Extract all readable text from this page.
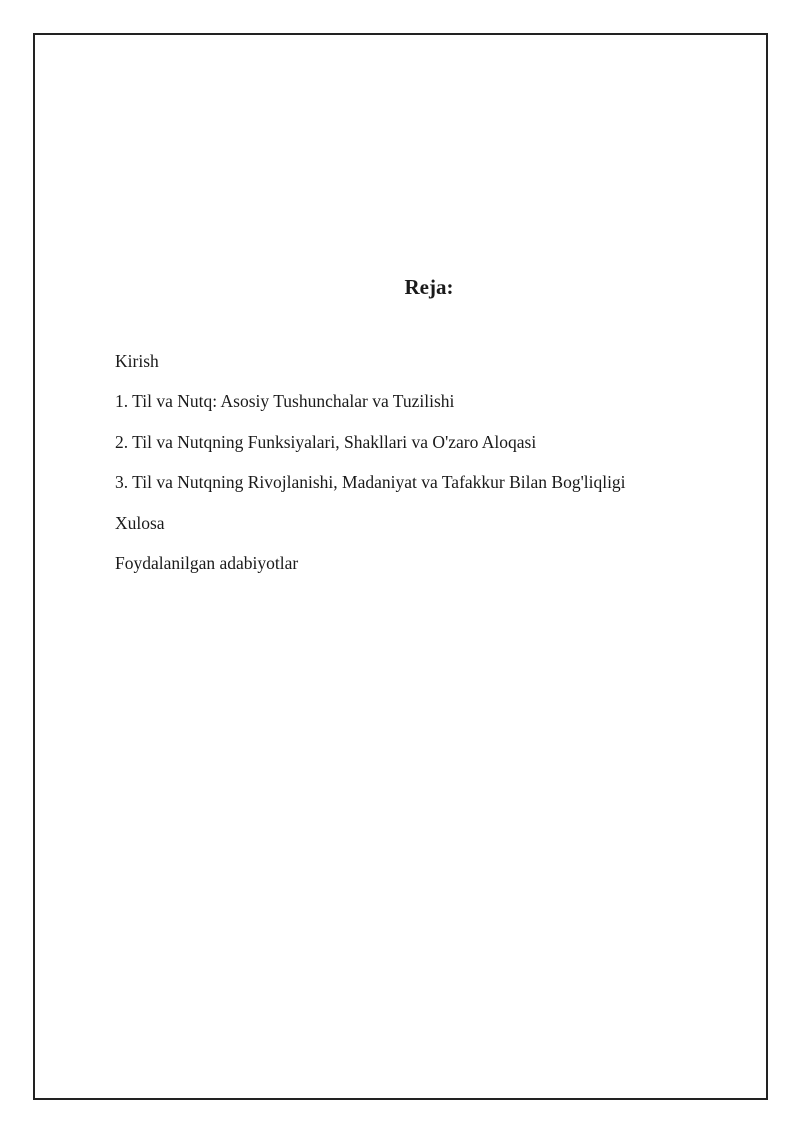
Reja:
Kirish
1. Til va Nutq: Asosiy Tushunchalar va Tuzilishi
2. Til va Nutqning Funksiyalari, Shakllari va O'zaro Aloqasi
3. Til va Nutqning Rivojlanishi, Madaniyat va Tafakkur Bilan Bog'liqligi
Xulosa
Foydalanilgan adabiyotlar
